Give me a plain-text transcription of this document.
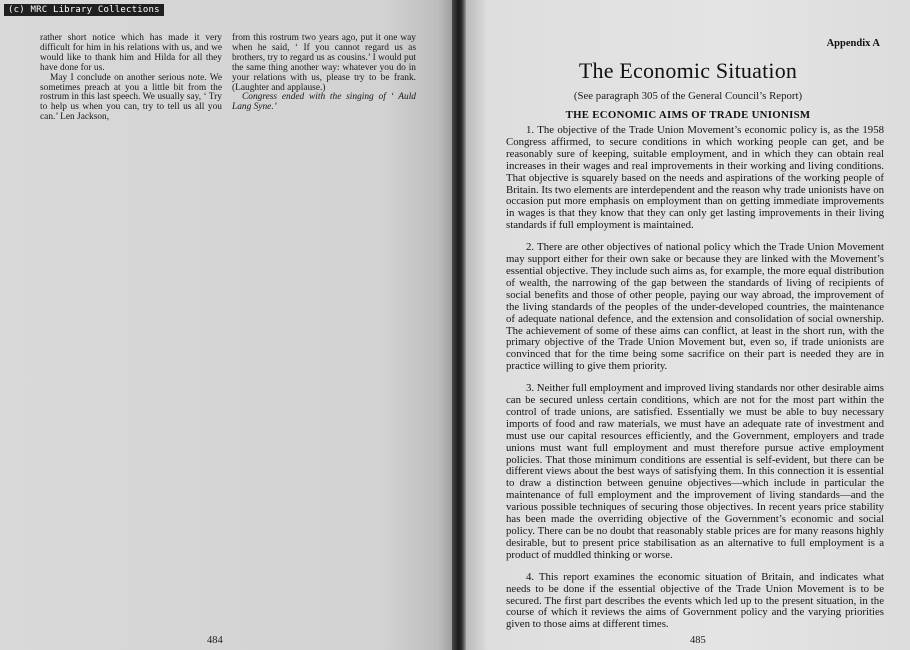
(c) MRC Library Collections

rather short notice which has made it very difficult for him in his relations with us, and we would like to thank him and Hilda for all they have done for us.

May I conclude on another serious note. We sometimes preach at you a little bit from the rostrum in this last speech. We usually say, ‘ Try to help us when you can, try to tell us all you can.’ Len Jackson,

from this rostrum two years ago, put it one way when he said, ‘ If you cannot regard us as brothers, try to regard us as cousins.’ I would put the same thing another way: whatever you do in your relations with us, please try to be frank. (Laughter and applause.)

Congress ended with the singing of ‘ Auld Lang Syne.’

484
Appendix A
The Economic Situation
(See paragraph 305 of the General Council’s Report)
THE ECONOMIC AIMS OF TRADE UNIONISM

1. The objective of the Trade Union Movement’s economic policy is, as the 1958 Congress affirmed, to secure conditions in which working people can get, and be reasonably sure of keeping, suitable employment, and in which they can obtain real increases in their wages and real improvements in their working and living conditions. That objective is squarely based on the needs and aspirations of the working people of Britain. Its two elements are interdependent and the reason why trade unionists have on occasion put more emphasis on employment than on getting immediate improvements in wages is that they know that they can only get lasting improvements in their living standards if full employment is maintained.

2. There are other objectives of national policy which the Trade Union Movement may support either for their own sake or because they are linked with the Movement’s essential objective. They include such aims as, for example, the more equal distribution of wealth, the narrowing of the gap between the standards of living of recipients of social benefits and those of other people, paying our way abroad, the improvement of the living standards of the peoples of the under-developed countries, the maintenance of adequate national defence, and the extension and consolidation of social ownership. The achievement of some of these aims can conflict, at least in the short run, with the primary objective of the Trade Union Movement but, even so, if trade unionists are convinced that for the time being some sacrifice on their part is needed they are in practice willing to give them priority.

3. Neither full employment and improved living standards nor other desirable aims can be secured unless certain conditions, which are not for the most part within the control of trade unions, are satisfied. Essentially we must be able to buy necessary imports of food and raw materials, we must have an adequate rate of investment and must use our capital resources efficiently, and the Government, employers and trade unions must want full employment and must therefore pursue active employment policies. That those minimum conditions are essential is self-evident, but there can be different views about the best ways of satisfying them. In this connection it is essential to draw a distinction between genuine objectives—which include in particular the maintenance of full employment and the improvement of living standards—and the various possible techniques of securing those objectives. In recent years price stability has been made the overriding objective of the Government’s economic and social policy. There can be no doubt that reasonably stable prices are for many reasons highly desirable, but to present price stabilisation as an alternative to full employment is a product of muddled thinking or worse.

4. This report examines the economic situation of Britain, and indicates what needs to be done if the essential objective of the Trade Union Movement is to be secured. The first part describes the events which led up to the present situation, in the course of which it reviews the aims of Government policy and the varying priorities given to those aims at different times.

485
